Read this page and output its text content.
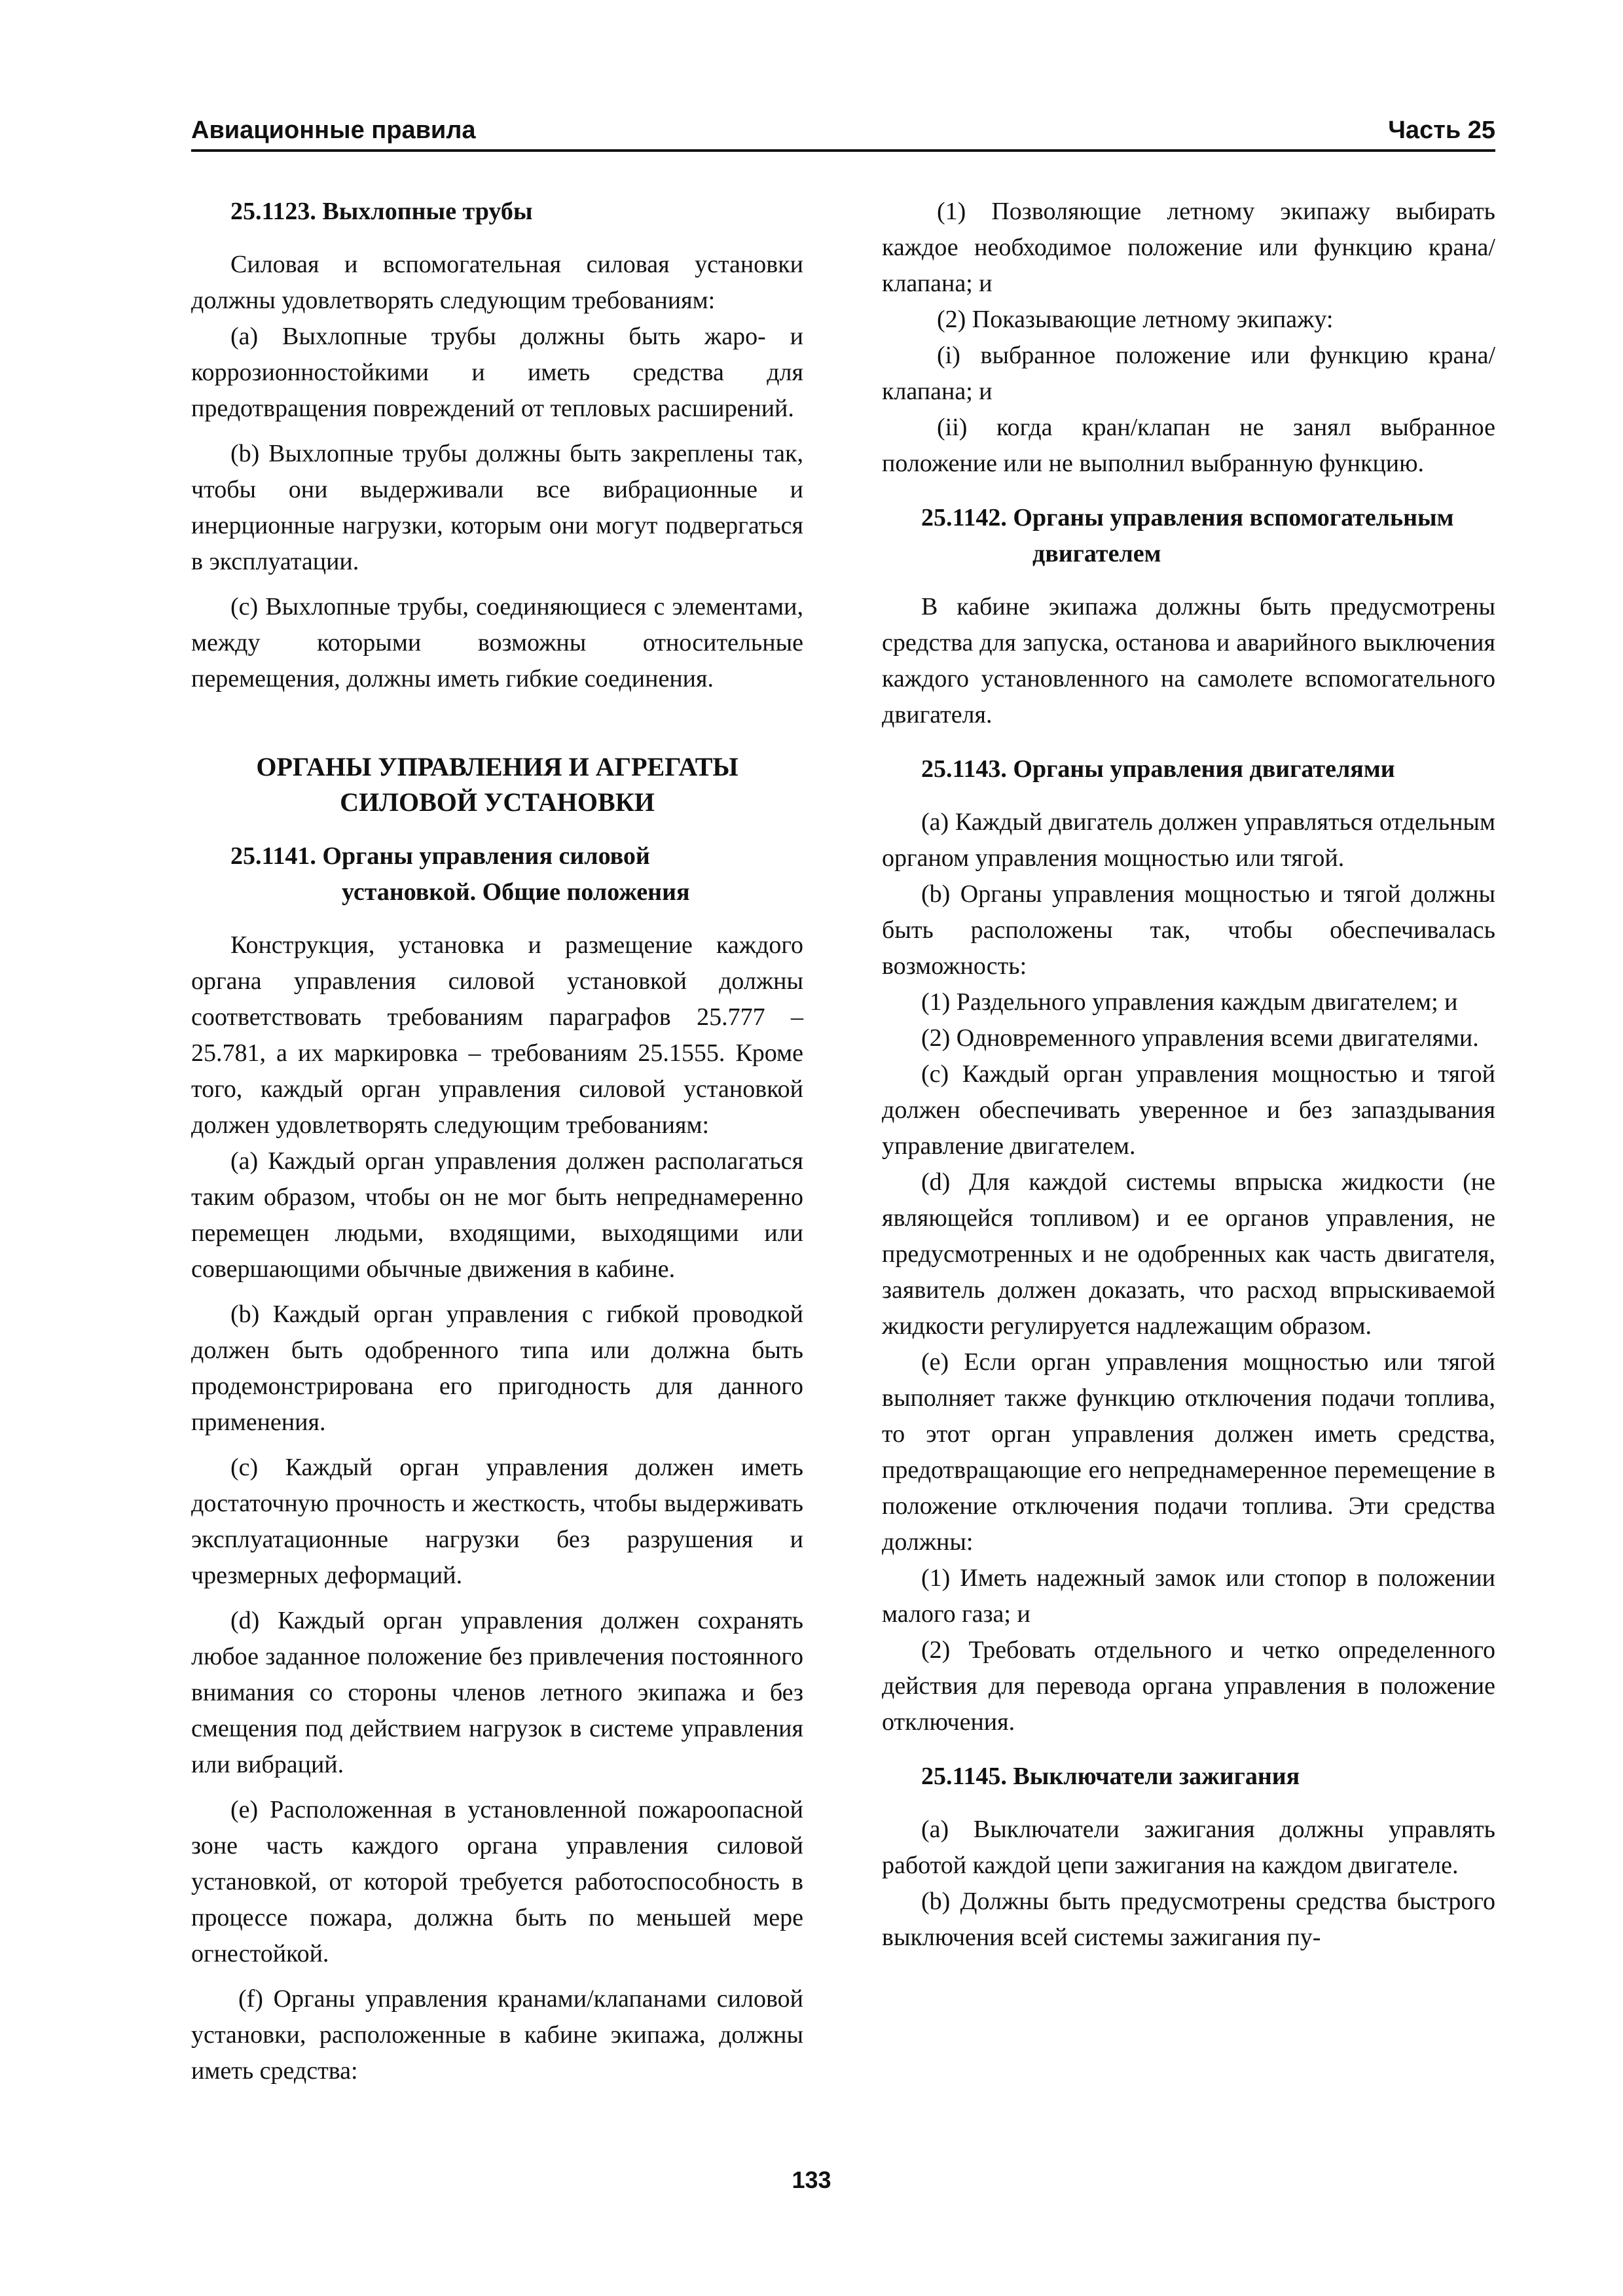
Авиационные правила	Часть 25

25.1123. Выхлопные трубы

Силовая и вспомогательная силовая установки должны удовлетворять следующим требованиям:

(a) Выхлопные трубы должны быть жаро- и коррозионностойкими и иметь средства для предотвращения повреждений от тепловых расширений.

(b) Выхлопные трубы должны быть закреплены так, чтобы они выдерживали все вибрационные и инерционные нагрузки, которым они могут подвергаться в эксплуатации.

(c) Выхлопные трубы, соединяющиеся с элементами, между которыми возможны относительные перемещения, должны иметь гибкие соединения.

ОРГАНЫ УПРАВЛЕНИЯ И АГРЕГАТЫ
СИЛОВОЙ УСТАНОВКИ

25.1141. Органы управления силовой
установкой. Общие положения

Конструкция, установка и размещение каждого органа управления силовой установкой должны соответствовать требованиям параграфов 25.777 – 25.781, а их маркировка – требованиям 25.1555. Кроме того, каждый орган управления силовой установкой должен удовлетворять следующим требованиям:

(a) Каждый орган управления должен располагаться таким образом, чтобы он не мог быть непреднамеренно перемещен людьми, входящими, выходящими или совершающими обычные движения в кабине.

(b) Каждый орган управления с гибкой проводкой должен быть одобренного типа или должна быть продемонстрирована его пригодность для данного применения.

(c) Каждый орган управления должен иметь достаточную прочность и жесткость, чтобы выдерживать эксплуатационные нагрузки без разрушения и чрезмерных деформаций.

(d) Каждый орган управления должен сохранять любое заданное положение без привлечения постоянного внимания со стороны членов летного экипажа и без смещения под действием нагрузок в системе управления или вибраций.

(e) Расположенная в установленной пожароопасной зоне часть каждого органа управления силовой установкой, от которой требуется работоспособность в процессе пожара, должна быть по меньшей мере огнестойкой.

(f) Органы управления кранами/клапанами силовой установки, расположенные в кабине экипажа, должны иметь средства:

(1) Позволяющие летному экипажу выбирать каждое необходимое положение или функцию крана/клапана; и

(2) Показывающие летному экипажу:

(i) выбранное положение или функцию крана/клапана; и

(ii) когда кран/клапан не занял выбранное положение или не выполнил выбранную функцию.

25.1142. Органы управления вспомогательным
двигателем

В кабине экипажа должны быть предусмотрены средства для запуска, останова и аварийного выключения каждого установленного на самолете вспомогательного двигателя.

25.1143. Органы управления двигателями

(a) Каждый двигатель должен управляться отдельным органом управления мощностью или тягой.

(b) Органы управления мощностью и тягой должны быть расположены так, чтобы обеспечивалась возможность:

(1) Раздельного управления каждым двигателем; и

(2) Одновременного управления всеми двигателями.

(c) Каждый орган управления мощностью и тягой должен обеспечивать уверенное и без запаздывания управление двигателем.

(d) Для каждой системы впрыска жидкости (не являющейся топливом) и ее органов управления, не предусмотренных и не одобренных как часть двигателя, заявитель должен доказать, что расход впрыскиваемой жидкости регулируется надлежащим образом.

(e) Если орган управления мощностью или тягой выполняет также функцию отключения подачи топлива, то этот орган управления должен иметь средства, предотвращающие его непреднамеренное перемещение в положение отключения подачи топлива. Эти средства должны:

(1) Иметь надежный замок или стопор в положении малого газа; и

(2) Требовать отдельного и четко определенного действия для перевода органа управления в положение отключения.

25.1145. Выключатели зажигания

(a) Выключатели зажигания должны управлять работой каждой цепи зажигания на каждом двигателе.

(b) Должны быть предусмотрены средства быстрого выключения всей системы зажигания пу-

133
